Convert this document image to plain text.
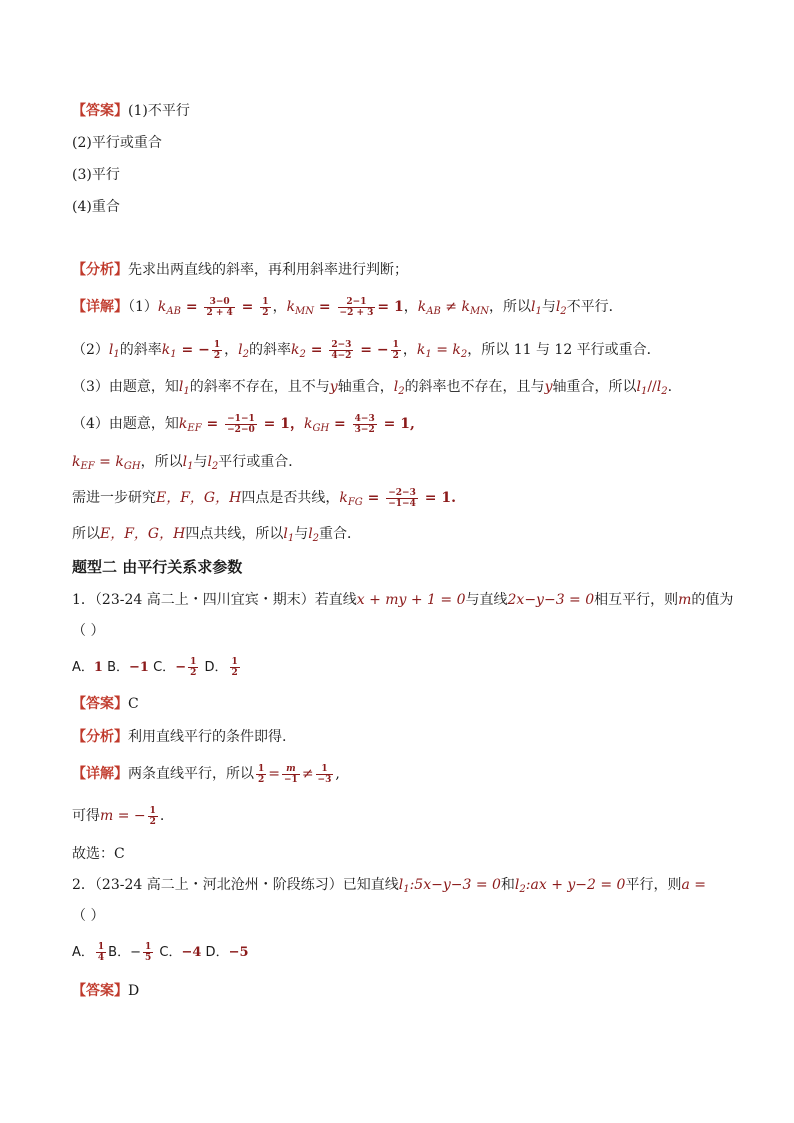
【答案】(1)不平行
(2)平行或重合
(3)平行
(4)重合
【分析】先求出两直线的斜率，再利用斜率进行判断；
【详解】$(1)k_{AB} = \frac{3-0}{2 + 4} = \frac{1}{2}$ ，$k_{MN} = \frac{2-1}{-2 + 3} = 1$，$k_{AB} \ne k_{MN}$，所以$l_1$与$l_2$不平行．
$(2)l_1$的斜率$k_1$ = − $\frac{1}{2}$ ，$l_2$的斜率$k_2 = \frac{2-3}{4-2}$ = − $\frac{1}{2}$ ，$k_1 = k_2$，所以 11 与 12 平行或重合．
（3）由题意，知$l_1$的斜率不存在，且不与y轴重合，$l_2$的斜率也不存在，且与y轴重合，所以$l_1//l_2$.
（4）由题意，知$k_{EF} = \frac{-1-1}{-2-0} = 1$，$k_{GH} = \frac{4-3}{3-2} = 1$,
$k_{EF} = k_{GH}$，所以$l_1$与$l_2$平行或重合．
需进一步研究E，F，G，H四点是否共线，$k_{FG} = \frac{-2-3}{-1-4} = 1$.
所以E，F，G，H四点共线，所以$l_1$与$l_2$重合．
题型二 由平行关系求参数
1．（23-24 高二上・四川宜宾・期末）若直线x + my + 1 = 0与直线2x−y−3 = 0相互平行，则m的值为
（ ）
A．1 B．−1 C．− $\frac{1}{2}$ D． $\frac{1}{2}$
【答案】C
【分析】利用直线平行的条件即得.
【详解】两条直线平行，所以 $\frac{1}{2} = \frac{m}{-1} \ne \frac{1}{-3}$ ,
可得m = − $\frac{1}{2}$ .
故选：C
2．（23-24 高二上・河北沧州・阶段练习）已知直线$l_1:5x-y-3 = 0$和$l_2:ax + y-2 = 0$平行，则a =
（ ）
A． $\frac{1}{4}$ B．− $\frac{1}{5}$ C．−4 D．−5
【答案】D
